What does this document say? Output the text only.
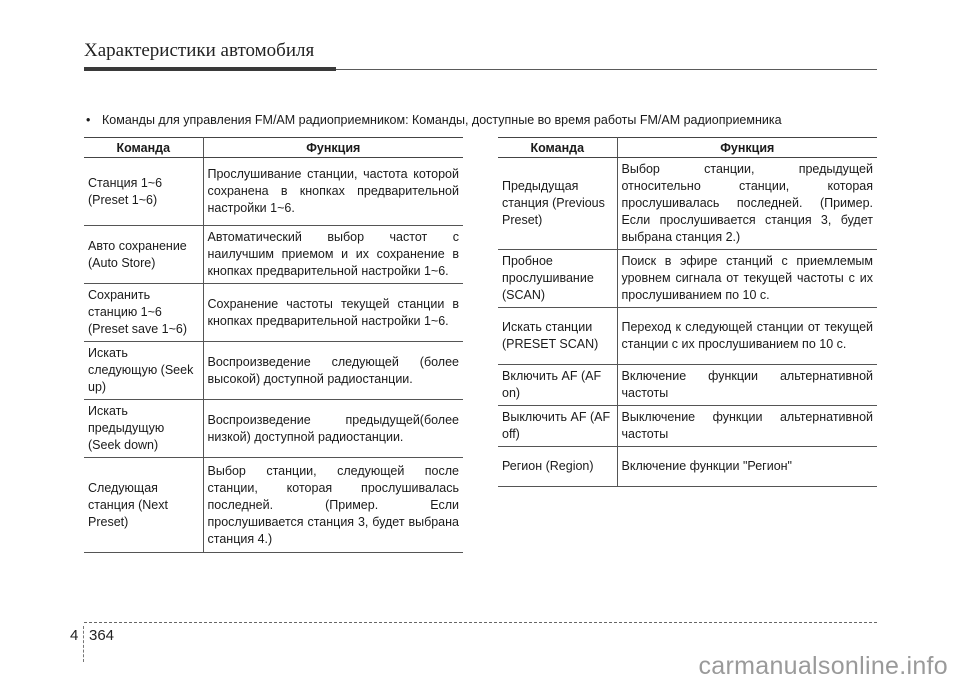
Характеристики автомобиля
• Команды для управления FM/AM радиоприемником: Команды, доступные во время работы FM/AM радиоприемника
Команда	Функция
Станция 1~6 (Preset 1~6)	Прослушивание станции, частота которой сохранена в кнопках предварительной настройки 1~6.
Авто сохранение (Auto Store)	Автоматический выбор частот с наилучшим приемом и их сохранение в кнопках предварительной настройки 1~6.
Сохранить станцию 1~6 (Preset save 1~6)	Сохранение частоты текущей станции в кнопках предварительной настройки 1~6.
Искать следующую (Seek up)	Воспроизведение следующей (более высокой) доступной радиостанции.
Искать предыдущую (Seek down)	Воспроизведение предыдущей(более низкой) доступной радиостанции.
Следующая станция (Next Preset)	Выбор станции, следующей после станции, которая прослушивалась последней. (Пример. Если прослушивается станция 3, будет выбрана станция 4.)
Команда	Функция
Предыдущая станция (Previous Preset)	Выбор станции, предыдущей относительно станции, которая прослушивалась последней. (Пример. Если прослушивается станция 3, будет выбрана станция 2.)
Пробное прослушивание (SCAN)	Поиск в эфире станций с приемлемым уровнем сигнала от текущей частоты с их прослушиванием по 10 с.
Искать станции (PRESET SCAN)	Переход к следующей станции от текущей станции с их прослушиванием по 10 с.
Включить AF (AF on)	Включение функции альтернативной частоты
Выключить AF (AF off)	Выключение функции альтернативной частоты
Регион (Region)	Включение функции "Регион"
4 364
carmanualsonline.info
